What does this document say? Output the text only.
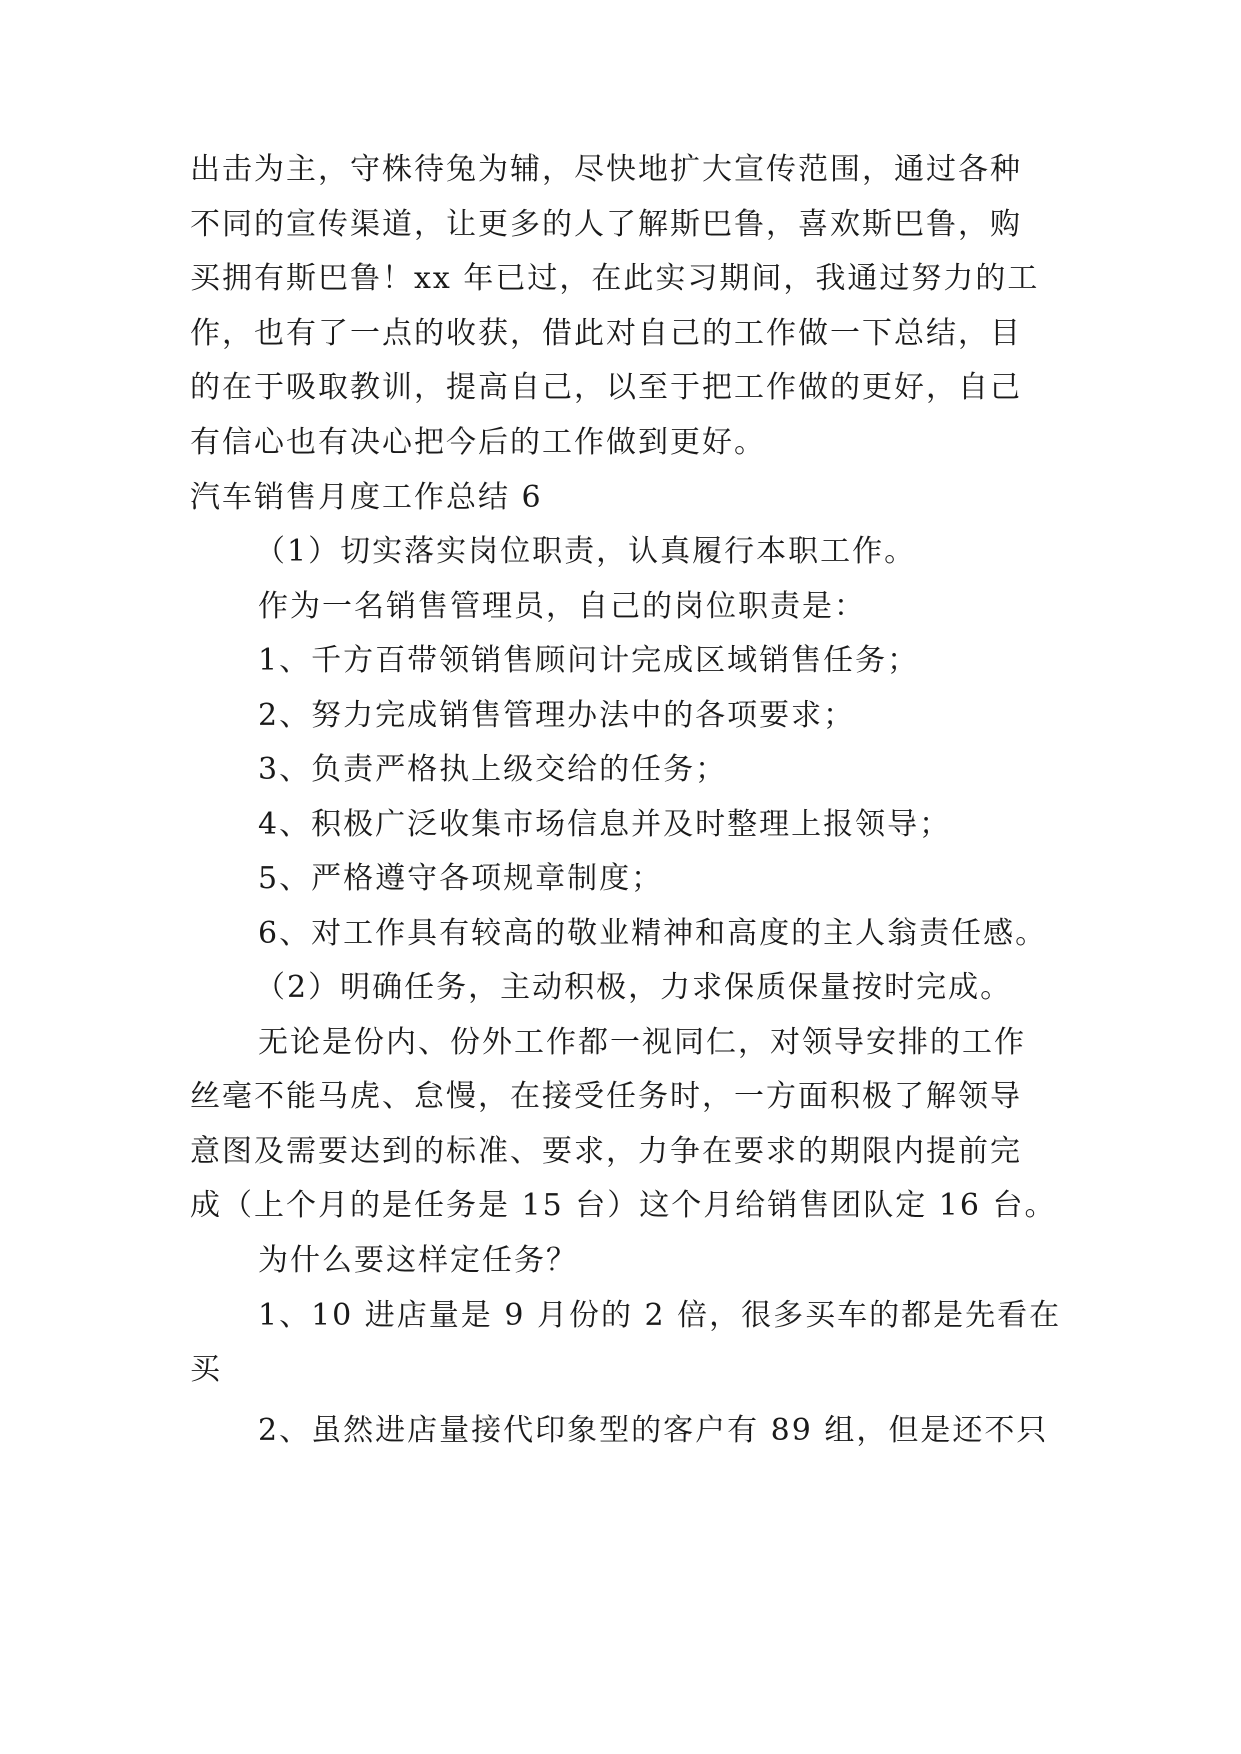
出击为主，守株待兔为辅，尽快地扩大宣传范围，通过各种
不同的宣传渠道，让更多的人了解斯巴鲁，喜欢斯巴鲁，购
买拥有斯巴鲁！xx 年已过，在此实习期间，我通过努力的工
作，也有了一点的收获，借此对自己的工作做一下总结，目
的在于吸取教训，提高自己，以至于把工作做的更好，自己
有信心也有决心把今后的工作做到更好。
汽车销售月度工作总结 6
（1）切实落实岗位职责，认真履行本职工作。
作为一名销售管理员，自己的岗位职责是：
1、千方百带领销售顾问计完成区域销售任务；
2、努力完成销售管理办法中的各项要求；
3、负责严格执上级交给的任务；
4、积极广泛收集市场信息并及时整理上报领导；
5、严格遵守各项规章制度；
6、对工作具有较高的敬业精神和高度的主人翁责任感。
（2）明确任务，主动积极，力求保质保量按时完成。
无论是份内、份外工作都一视同仁，对领导安排的工作
丝毫不能马虎、怠慢，在接受任务时，一方面积极了解领导
意图及需要达到的标准、要求，力争在要求的期限内提前完
成（上个月的是任务是 15 台）这个月给销售团队定 16 台。
为什么要这样定任务？
1、10 进店量是 9 月份的 2 倍，很多买车的都是先看在
买
2、虽然进店量接代印象型的客户有 89 组，但是还不只
